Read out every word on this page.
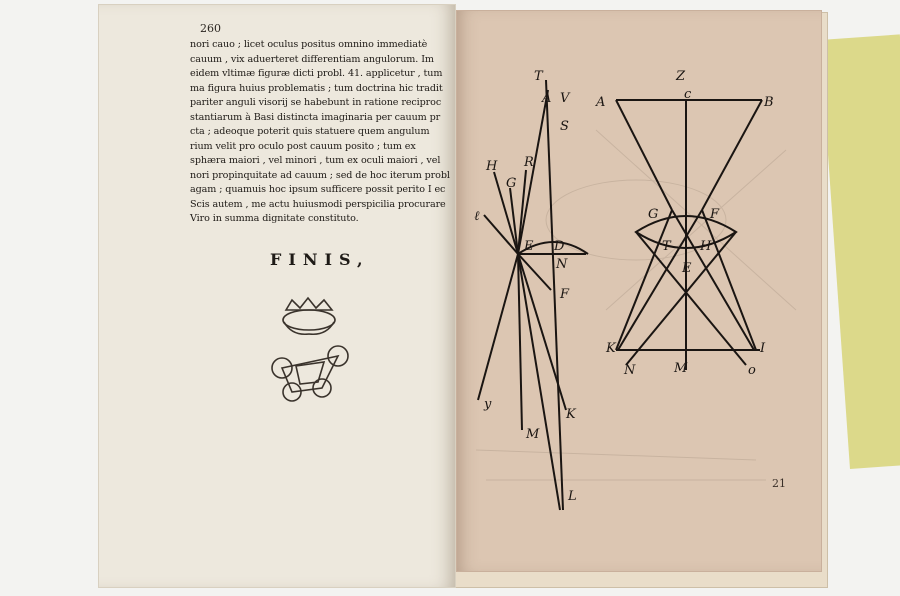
260
nori cauo ; licet oculus positus omnino immediatè
cauum , vix aduerteret differentiam angulorum. Im
eidem vltimæ figuræ dicti probl. 41. applicetur , tum
ma figura huius problematis ; tum doctrina hic tradit
pariter anguli visorij se habebunt in ratione reciproc
stantiarum à Basi distincta imaginaria per cauum pr
cta ; adeoque poterit quis statuere quem angulum
rium velit pro oculo post cauum posito ; tum ex
sphæra maiori , vel minori , tum ex oculi maiori , vel
nori propinquitate ad cauum ; sed de hoc iterum probl
agam ; quamuis hoc ipsum sufficere possit perito I ec
Scis autem , me actu huiusmodi perspicilia procurare
Viro in summa dignitate constituto.
FINIS,
T
A V
S
H
G
R
ℓ
E D
N
F
y
M
K
L
Z
A
c
B
G	F
T H
E
K	I
N	M	o
21
